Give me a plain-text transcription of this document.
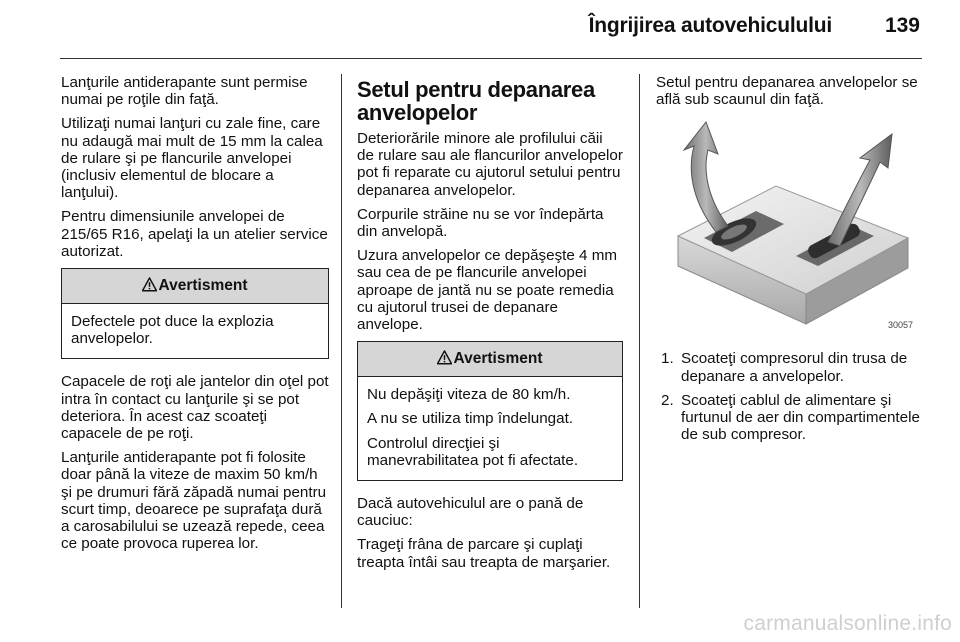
Îngrijirea autovehiculului	139

Lanţurile antiderapante sunt permise numai pe roţile din faţă.

Utilizaţi numai lanţuri cu zale fine, care nu adaugă mai mult de 15 mm la calea de rulare şi pe flancurile anvelopei (inclusiv elementul de blocare a lanţului).

Pentru dimensiunile anvelopei de 215/65 R16, apelaţi la un atelier service autorizat.

Avertisment

Defectele pot duce la explozia anvelopelor.

Capacele de roţi ale jantelor din oţel pot intra în contact cu lanţurile şi se pot deteriora. În acest caz scoateţi capacele de pe roţi.

Lanţurile antiderapante pot fi folosite doar până la viteze de maxim 50 km/h şi pe drumuri fără zăpadă numai pentru scurt timp, deoarece pe suprafaţa dură a carosabilului se uzează repede, ceea ce poate provoca ruperea lor.

Setul pentru depanarea anvelopelor

Deteriorările minore ale profilului căii de rulare sau ale flancurilor anvelopelor pot fi reparate cu ajutorul setului pentru depanarea anvelopelor.

Corpurile străine nu se vor îndepărta din anvelopă.

Uzura anvelopelor ce depăşeşte 4 mm sau cea de pe flancurile anvelopei aproape de jantă nu se poate remedia cu ajutorul trusei de depanare anvelope.

Avertisment

Nu depăşiţi viteza de 80 km/h.

A nu se utiliza timp îndelungat.

Controlul direcţiei şi manevrabilitatea pot fi afectate.

Dacă autovehiculul are o pană de cauciuc:

Trageţi frâna de parcare şi cuplaţi treapta întâi sau treapta de marşarier.

Setul pentru depanarea anvelopelor se află sub scaunul din faţă.

30057
1. Scoateţi compresorul din trusa de depanare a anvelopelor.
2. Scoateţi cablul de alimentare şi furtunul de aer din compartimentele de sub compresor.
carmanualsonline.info
